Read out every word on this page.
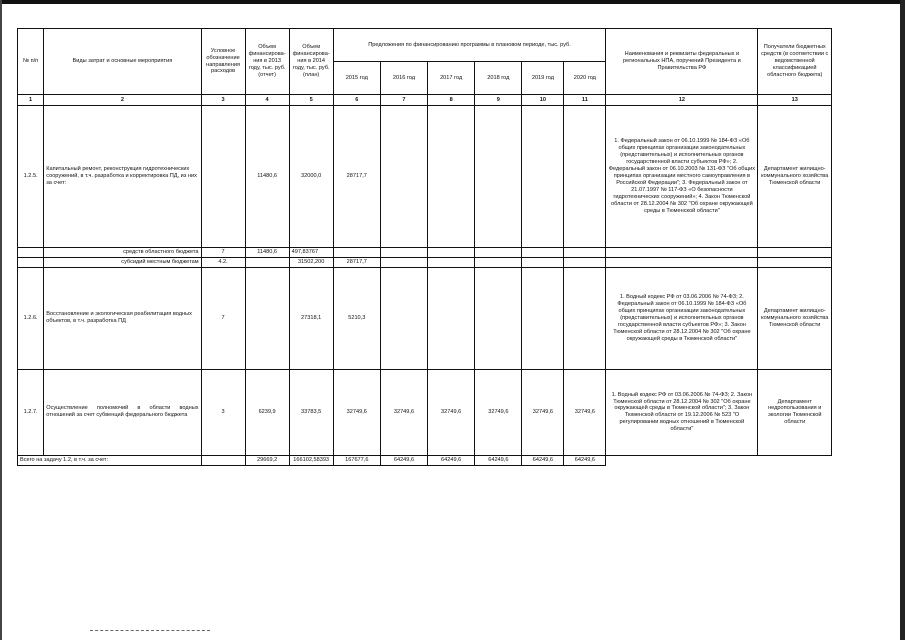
№ п/п	Виды затрат и основные мероприятия	Условное обозначение направления расходов	Объем финансирова-ния в 2013 году, тыс. руб. (отчет)	Объем финансирова-ния в 2014 году, тыс. руб. (план)	Предложения по финансированию программы в плановом периоде, тыс. руб.						Наименования и реквизиты федеральных и региональных НПА, поручений Президента и Правительства РФ	Получатели бюджетных средств (в соответствии с ведомственной классификацией областного бюджета)
					2015 год	2016 год	2017 год	2018 год	2019 год	2020 год		
1	2	3	4	5	6	7	8	9	10	11	12	13
1.2.5.	Капитальный ремонт, реконструкция гидротехнических сооружений, в т.ч. разработка и корректировка ПД, из них за счет:		11480,6	32000,0	28717,7						1. Федеральный закон от 06.10.1999 № 184-ФЗ «Об общих принципах организации законодательных (представительных) и исполнительных органов государственной власти субъектов РФ»; 2. Федеральный закон от 06.10.2003 № 131-ФЗ "Об общих принципах организации местного самоуправления в Российской Федерации"; 3. Федеральный закон от 21.07.1997 № 117-ФЗ «О безопасности гидротехнических сооружений»; 4. Закон Тюменской области от 28.12.2004 № 302 "Об охране окружающей среды в Тюменской области"	Департамент жилищно-коммунального хозяйства Тюменской области
	средств областного бюджета	7	11480,6	497,83767								
	субсидий местным бюджетам	4.2.		31502,200	28717,7							
1.2.6.	Восстановление и экологическая реабилитация водных объектов, в т.ч. разработка ПД	7		27318,1	5210,3						1. Водный кодекс РФ от 03.06.2006 № 74-ФЗ; 2. Федеральный закон от 06.10.1999 № 184-ФЗ «Об общих принципах организации законодательных (представительных) и исполнительных органов государственной власти субъектов РФ»; 3. Закон Тюменской области от 28.12.2004 № 302 "Об охране окружающей среды в Тюменской области"	Департамент жилищно-коммунального хозяйства Тюменской области
1.2.7.	Осуществление полномочий в области водных отношений за счет субвенций федерального бюджета	3	6239,9	33783,5	32749,6	32749,6	32749,6	32749,6	32749,6	32749,6	1. Водный кодекс РФ от 03.06.2006 № 74-ФЗ; 2. Закон Тюменской области от 28.12.2004 № 302 "Об охране окружающей среды в Тюменской области"; 3. Закон Тюменской области от 19.12.2006 № 523 "О регулировании водных отношений в Тюменской области"	Департамент недропользования и экологии Тюменской области
Всего на задачу 1.2, в т.ч. за счет:			29669,2	166102,58393	167677,6	64249,6	64249,6	64249,6	64249,6	64249,6		
